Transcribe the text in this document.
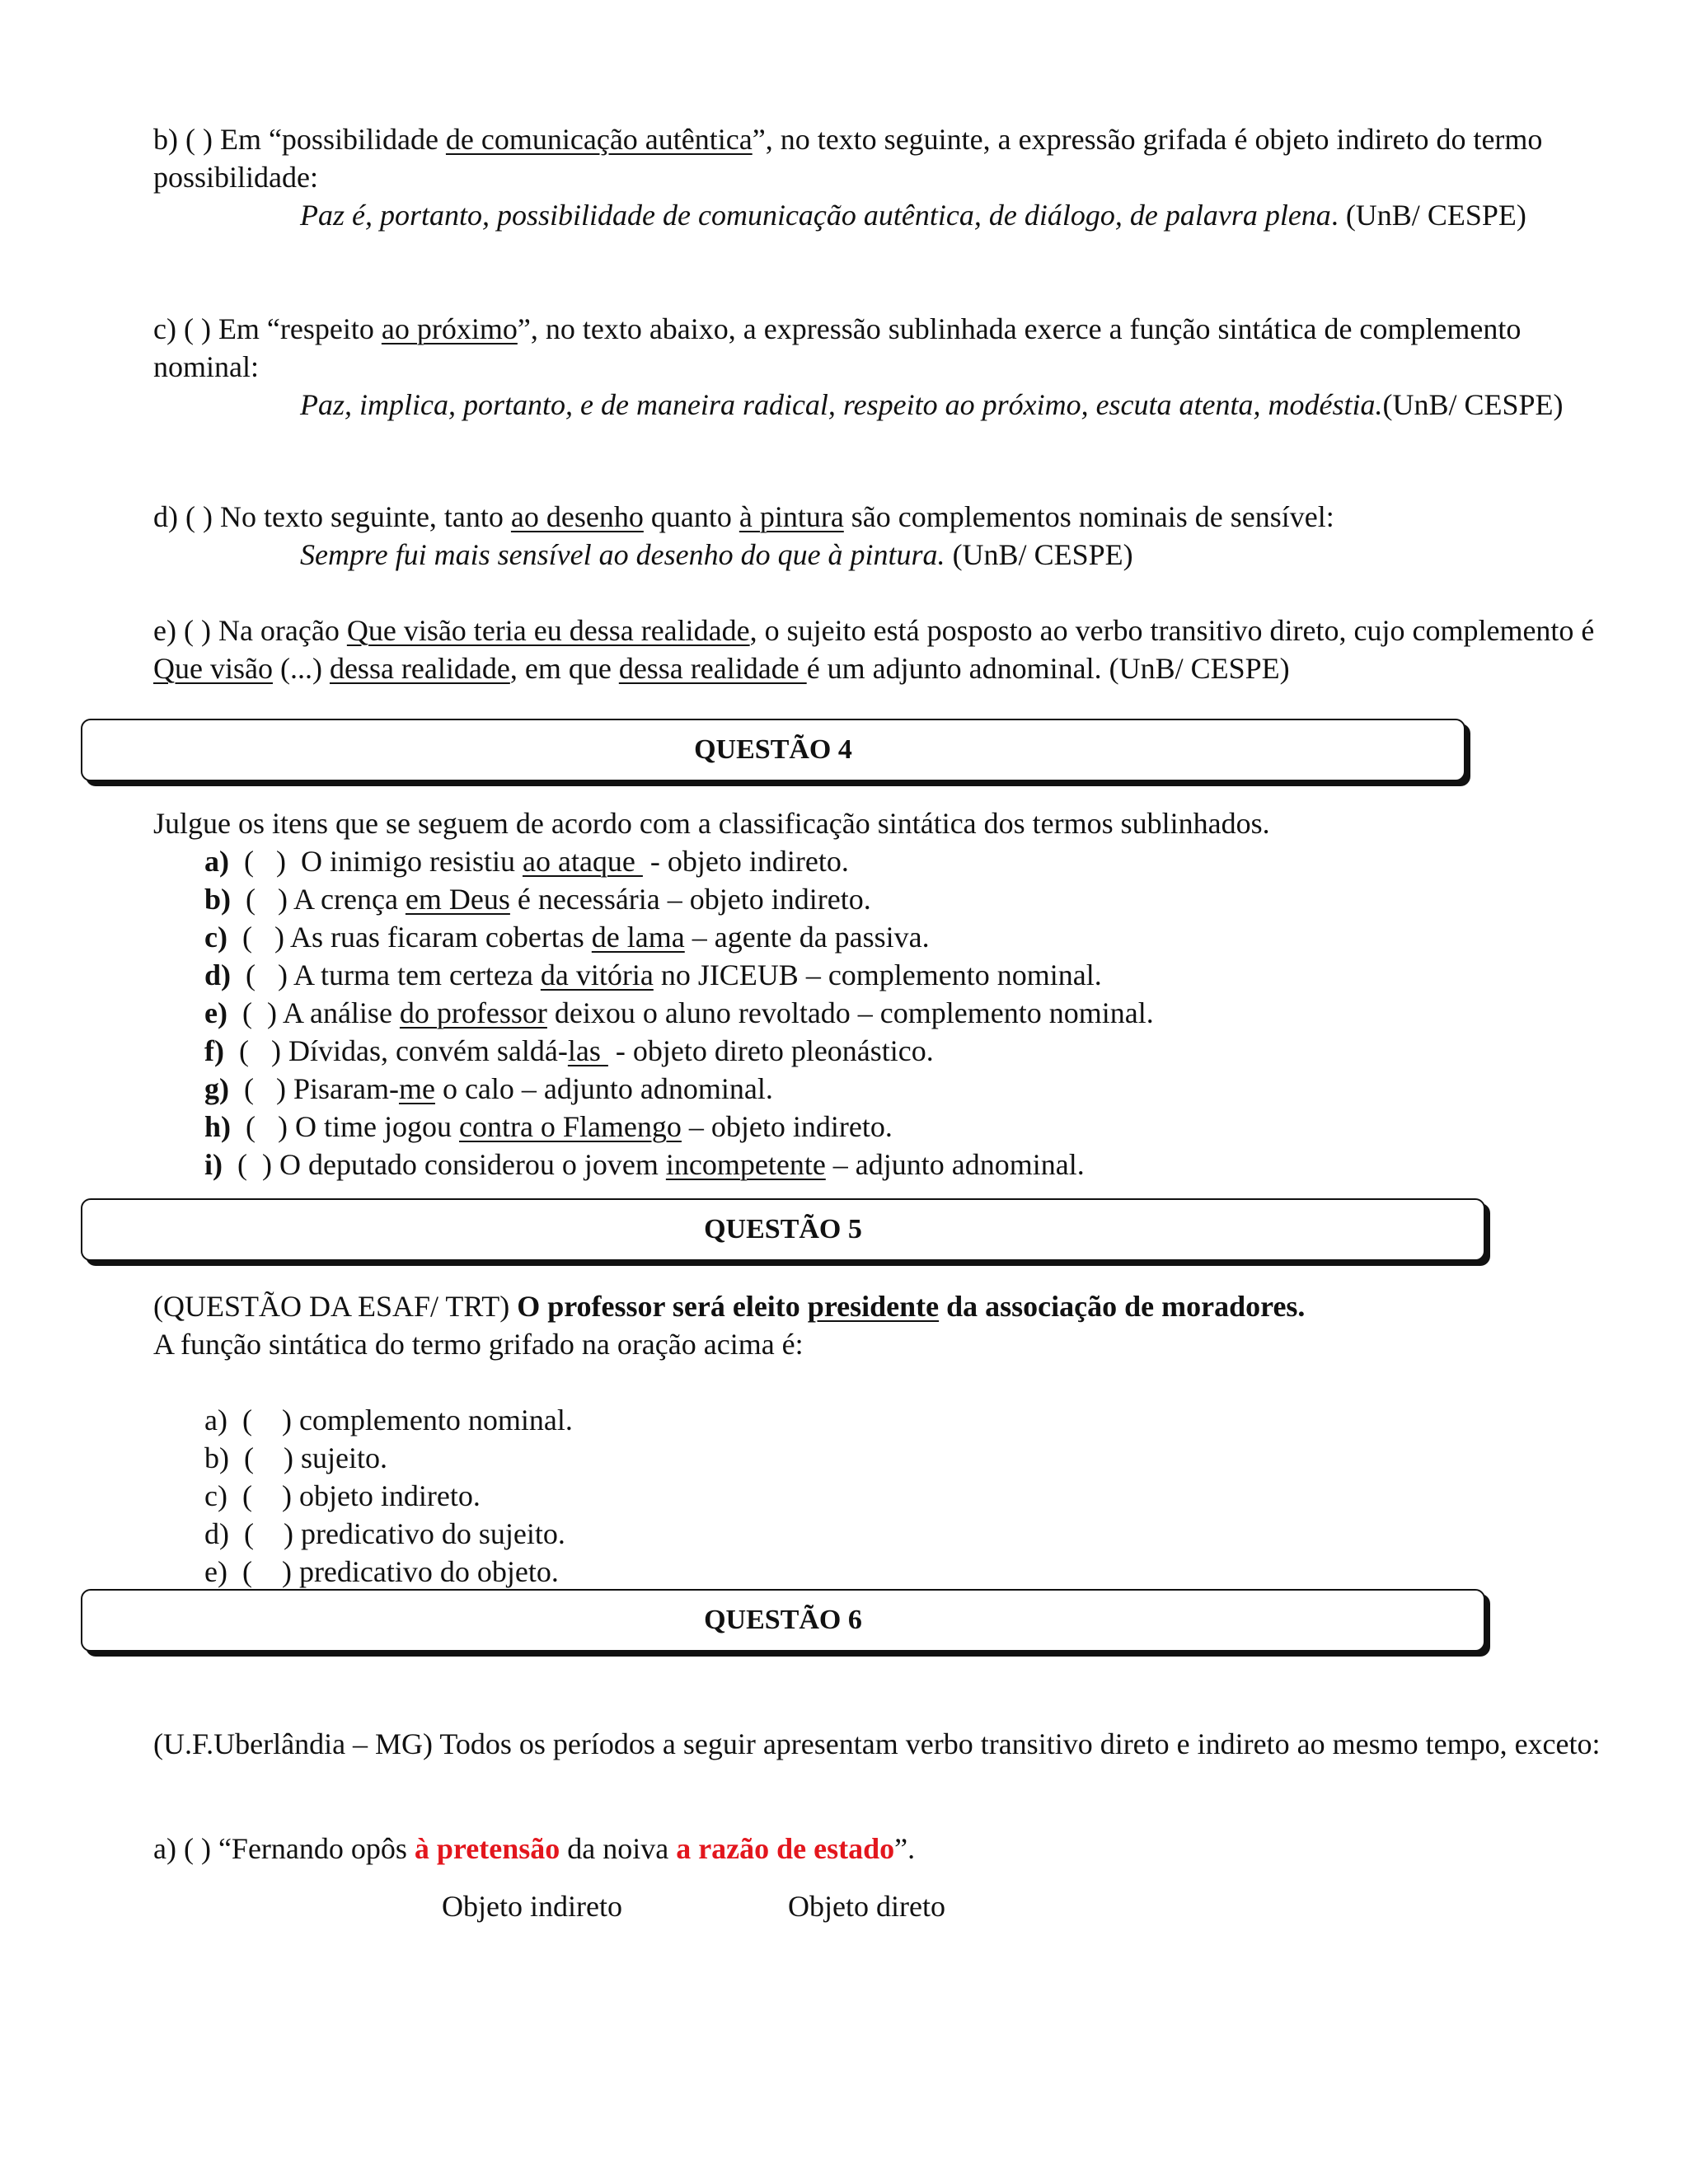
b) ( ) Em “possibilidade de comunicação autêntica”, no texto seguinte, a expressão grifada é objeto indireto do termo possibilidade:

Paz é, portanto, possibilidade de comunicação autêntica, de diálogo, de palavra plena. (UnB/ CESPE)

c) ( ) Em “respeito ao próximo”, no texto abaixo, a expressão sublinhada exerce a função sintática de complemento nominal:

Paz, implica, portanto, e de maneira radical, respeito ao próximo, escuta atenta, modéstia.(UnB/ CESPE)

d) ( ) No texto seguinte, tanto ao desenho quanto à pintura são complementos nominais de sensível:

Sempre fui mais sensível ao desenho do que à pintura. (UnB/ CESPE)

e) ( ) Na oração Que visão teria eu dessa realidade, o sujeito está posposto ao verbo transitivo direto, cujo complemento é Que visão (...) dessa realidade, em que dessa realidade é um adjunto adnominal. (UnB/ CESPE)

QUESTÃO 4

Julgue os itens que se seguem de acordo com a classificação sintática dos termos sublinhados.

a)  (   )  O inimigo resistiu ao ataque  - objeto indireto.

b)  (   ) A crença em Deus é necessária – objeto indireto.

c)  (   ) As ruas ficaram cobertas de lama – agente da passiva.

d)  (   ) A turma tem certeza da vitória no JICEUB – complemento nominal.

e)  (  ) A análise do professor deixou o aluno revoltado – complemento nominal.

f)  (   ) Dívidas, convém saldá-las  - objeto direto pleonástico.

g)  (   ) Pisaram-me o calo – adjunto adnominal.

h)  (   ) O time jogou contra o Flamengo – objeto indireto.

i)  (  ) O deputado considerou o jovem incompetente – adjunto adnominal.

QUESTÃO 5

(QUESTÃO DA ESAF/ TRT) O professor será eleito presidente da associação de moradores.

A função sintática do termo grifado na oração acima é:

a)  (    ) complemento nominal.

b)  (    ) sujeito.

c)  (    ) objeto indireto.

d)  (    ) predicativo do sujeito.

e)  (    ) predicativo do objeto.

QUESTÃO 6

(U.F.Uberlândia – MG) Todos os períodos a seguir apresentam verbo transitivo direto e indireto ao mesmo tempo, exceto:

a) ( ) “Fernando opôs à pretensão da noiva a razão de estado”.

Objeto indireto	Objeto direto
